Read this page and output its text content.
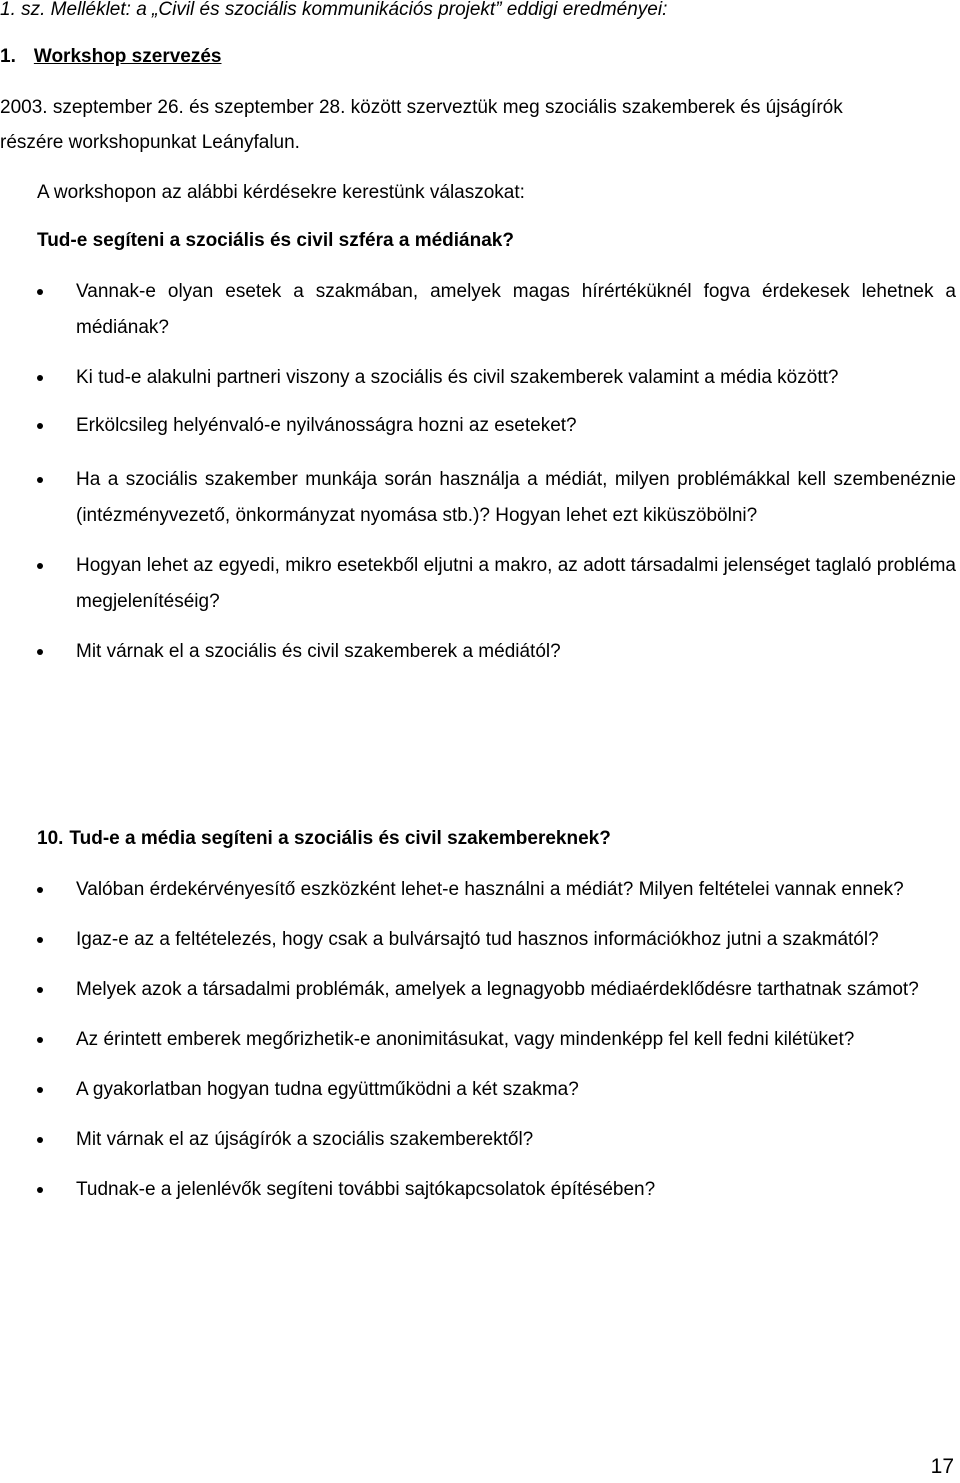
1. sz. Melléklet: a „Civil és szociális kommunikációs projekt” eddigi eredményei:
1. Workshop szervezés
2003. szeptember 26. és szeptember 28. között szerveztük meg szociális szakemberek és újságírók
részére workshopunkat Leányfalun.
A workshopon az alábbi kérdésekre kerestünk válaszokat:
Tud-e segíteni a szociális és civil szféra a médiának?
Vannak-e olyan esetek a szakmában, amelyek magas hírértéküknél fogva érdekesek lehetnek a médiának?
Ki tud-e alakulni partneri viszony a szociális és civil szakemberek valamint a média között?
Erkölcsileg helyénvaló-e nyilvánosságra hozni az eseteket?
Ha a szociális szakember munkája során használja a médiát, milyen problémákkal kell szembenéznie (intézményvezető, önkormányzat nyomása stb.)? Hogyan lehet ezt kiküszöbölni?
Hogyan lehet az egyedi, mikro esetekből eljutni a makro, az adott társadalmi jelenséget taglaló probléma megjelenítéséig?
Mit várnak el a szociális és civil szakemberek a médiától?
10. Tud-e a média segíteni a szociális és civil szakembereknek?
Valóban érdekérvényesítő eszközként lehet-e használni a médiát? Milyen feltételei vannak ennek?
Igaz-e az a feltételezés, hogy csak a bulvársajtó tud hasznos információkhoz jutni a szakmától?
Melyek azok a társadalmi problémák, amelyek a legnagyobb médiaérdeklődésre tarthatnak számot?
Az érintett emberek megőrizhetik-e anonimitásukat, vagy mindenképp fel kell fedni kilétüket?
A gyakorlatban hogyan tudna együttműködni a két szakma?
Mit várnak el az újságírók a szociális szakemberektől?
Tudnak-e a jelenlévők segíteni további sajtókapcsolatok építésében?
17
